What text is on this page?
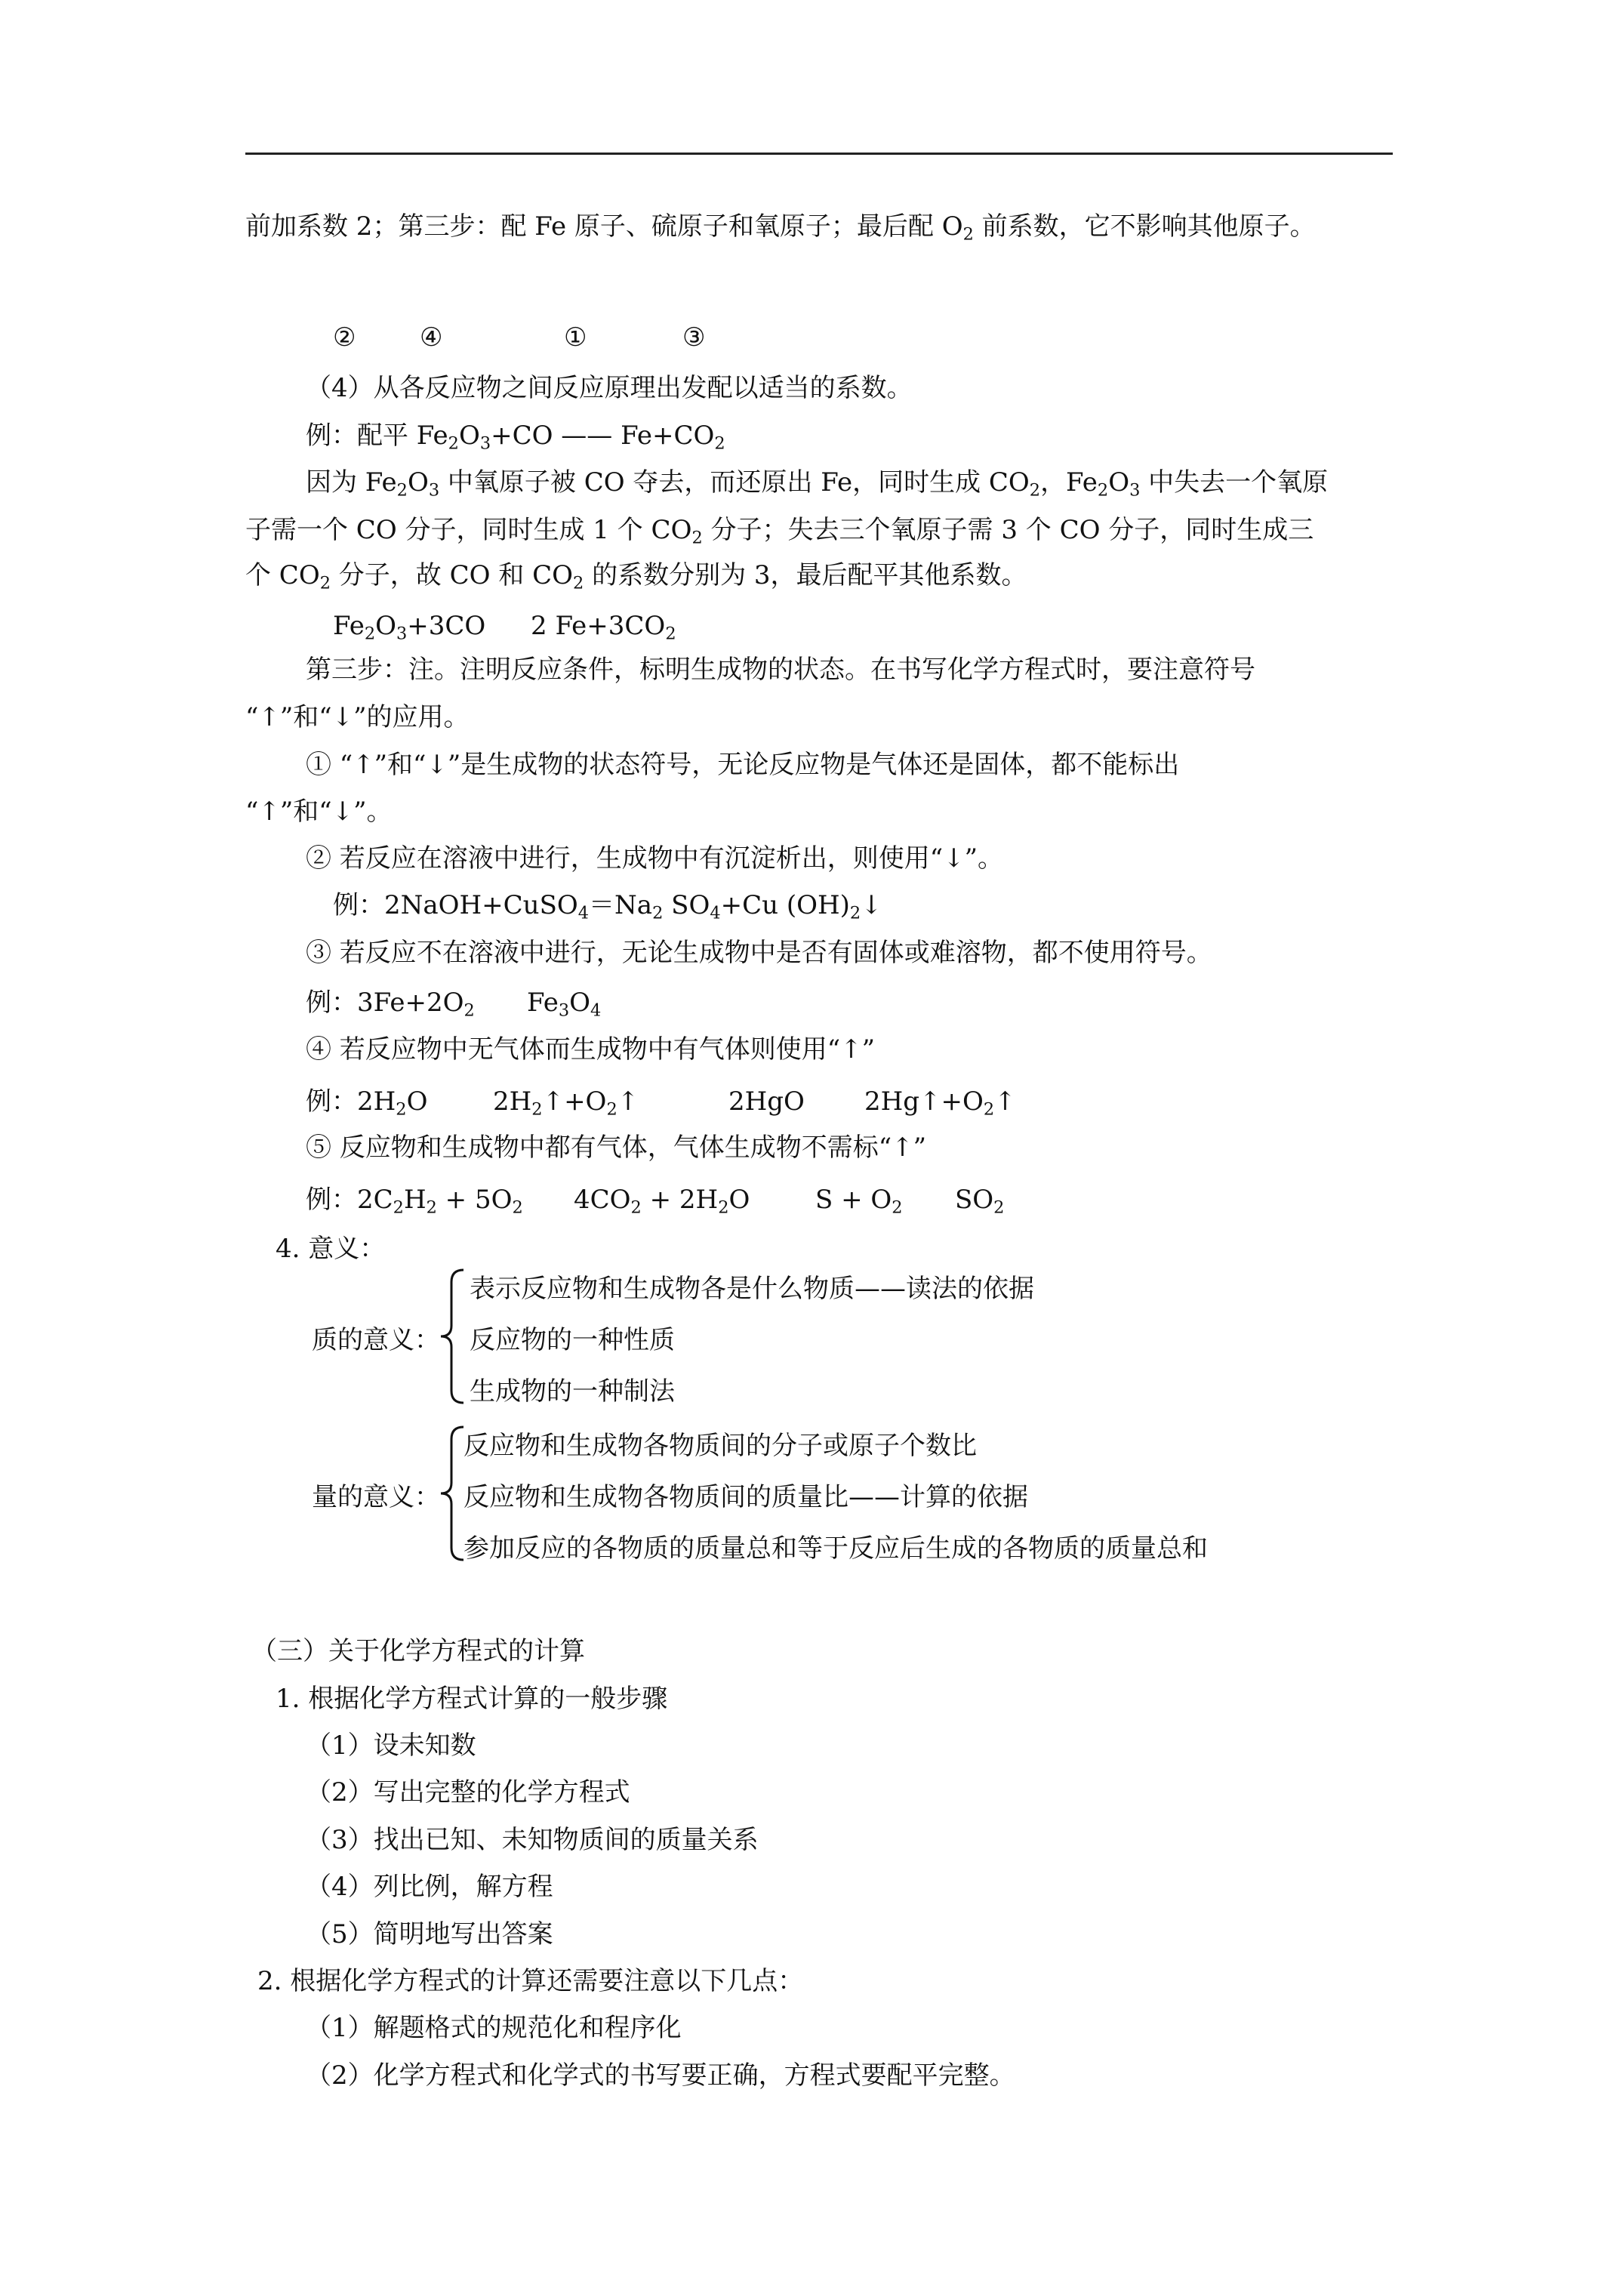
前加系数 2；第三步：配 Fe 原子、硫原子和氧原子；最后配 $O_2$ 前系数，它不影响其他原子。
② ④	①	③
（4）从各反应物之间反应原理出发配以适当的系数。
例：配平 $Fe_2O_3+CO$ —— $Fe+CO_2$
因为 $Fe_2O_3$ 中氧原子被 CO 夺去，而还原出 Fe，同时生成 $CO_2$，$Fe_2O_3$ 中失去一个氧原
子需一个 CO 分子，同时生成 1 个 $CO_2$ 分子；失去三个氧原子需 3 个 CO 分子，同时生成三
个 $CO_2$ 分子，故 CO 和 $CO_2$ 的系数分别为 3，最后配平其他系数。
$Fe_2O_3+3CO$ 2 $Fe+3CO_2$
第三步：注。注明反应条件，标明生成物的状态。在书写化学方程式时，要注意符号
“↑”和“↓”的应用。
① “↑”和“↓”是生成物的状态符号，无论反应物是气体还是固体，都不能标出
“↑”和“↓”。
② 若反应在溶液中进行，生成物中有沉淀析出，则使用“↓”。
例：$2NaOH+CuSO_4=Na_2$ $SO_4+Cu$ $(OH)_2↓$
③ 若反应不在溶液中进行，无论生成物中是否有固体或难溶物，都不使用符号。
例：$3Fe+2O_2$ $Fe_3O_4$
④ 若反应物中无气体而生成物中有气体则使用“↑”
例：$2H_2O$	$2H_2↑+O_2↑$	2HgO $2Hg↑+O_2↑$
⑤ 反应物和生成物中都有气体，气体生成物不需标“↑”
例：$2C_2H_2 + 5O_2$ $4CO_2 + 2H_2O$	$S + O_2$ $SO_2$
4. 意义：
质的意义：
表示反应物和生成物各是什么物质——读法的依据
反应物的一种性质
生成物的一种制法
量的意义：
反应物和生成物各物质间的分子或原子个数比
反应物和生成物各物质间的质量比——计算的依据
参加反应的各物质的质量总和等于反应后生成的各物质的质量总和
（三）关于化学方程式的计算
1. 根据化学方程式计算的一般步骤
（1）设未知数
（2）写出完整的化学方程式
（3）找出已知、未知物质间的质量关系
（4）列比例，解方程
（5）简明地写出答案
2. 根据化学方程式的计算还需要注意以下几点：
（1）解题格式的规范化和程序化
（2）化学方程式和化学式的书写要正确，方程式要配平完整。
